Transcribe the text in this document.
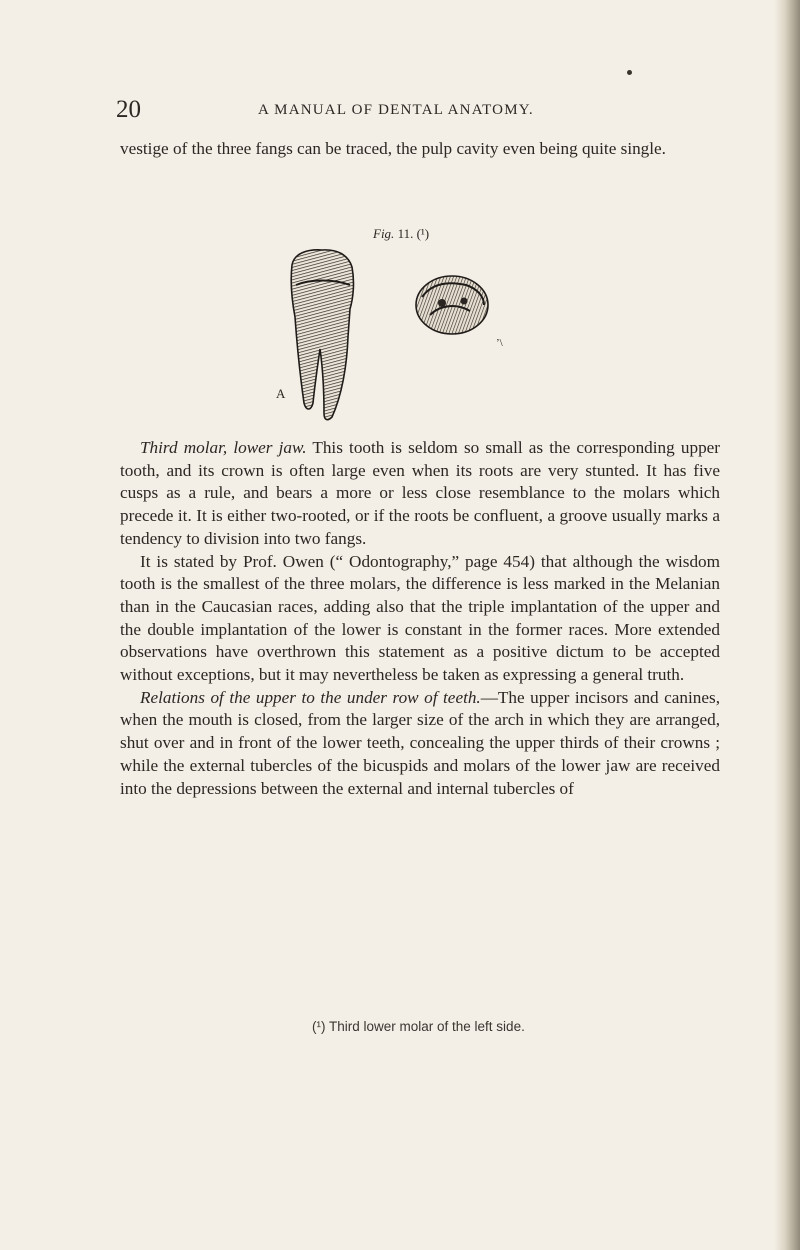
20	A MANUAL OF DENTAL ANATOMY.

vestige of the three fangs can be traced, the pulp cavity even being quite single.

Fig. 11. (¹)
A
ʼ\

Third molar, lower jaw. This tooth is seldom so small as the corresponding upper tooth, and its crown is often large even when its roots are very stunted. It has five cusps as a rule, and bears a more or less close resemblance to the molars which precede it. It is either two-rooted, or if the roots be confluent, a groove usually marks a tendency to division into two fangs.

It is stated by Prof. Owen (“ Odontography,” page 454) that although the wisdom tooth is the smallest of the three molars, the difference is less marked in the Melanian than in the Caucasian races, adding also that the triple implantation of the upper and the double implantation of the lower is constant in the former races. More extended observations have overthrown this statement as a positive dictum to be accepted without exceptions, but it may nevertheless be taken as expressing a general truth.

Relations of the upper to the under row of teeth.—The upper incisors and canines, when the mouth is closed, from the larger size of the arch in which they are arranged, shut over and in front of the lower teeth, concealing the upper thirds of their crowns ; while the external tubercles of the bicuspids and molars of the lower jaw are received into the depressions between the external and internal tubercles of

(¹) Third lower molar of the left side.
